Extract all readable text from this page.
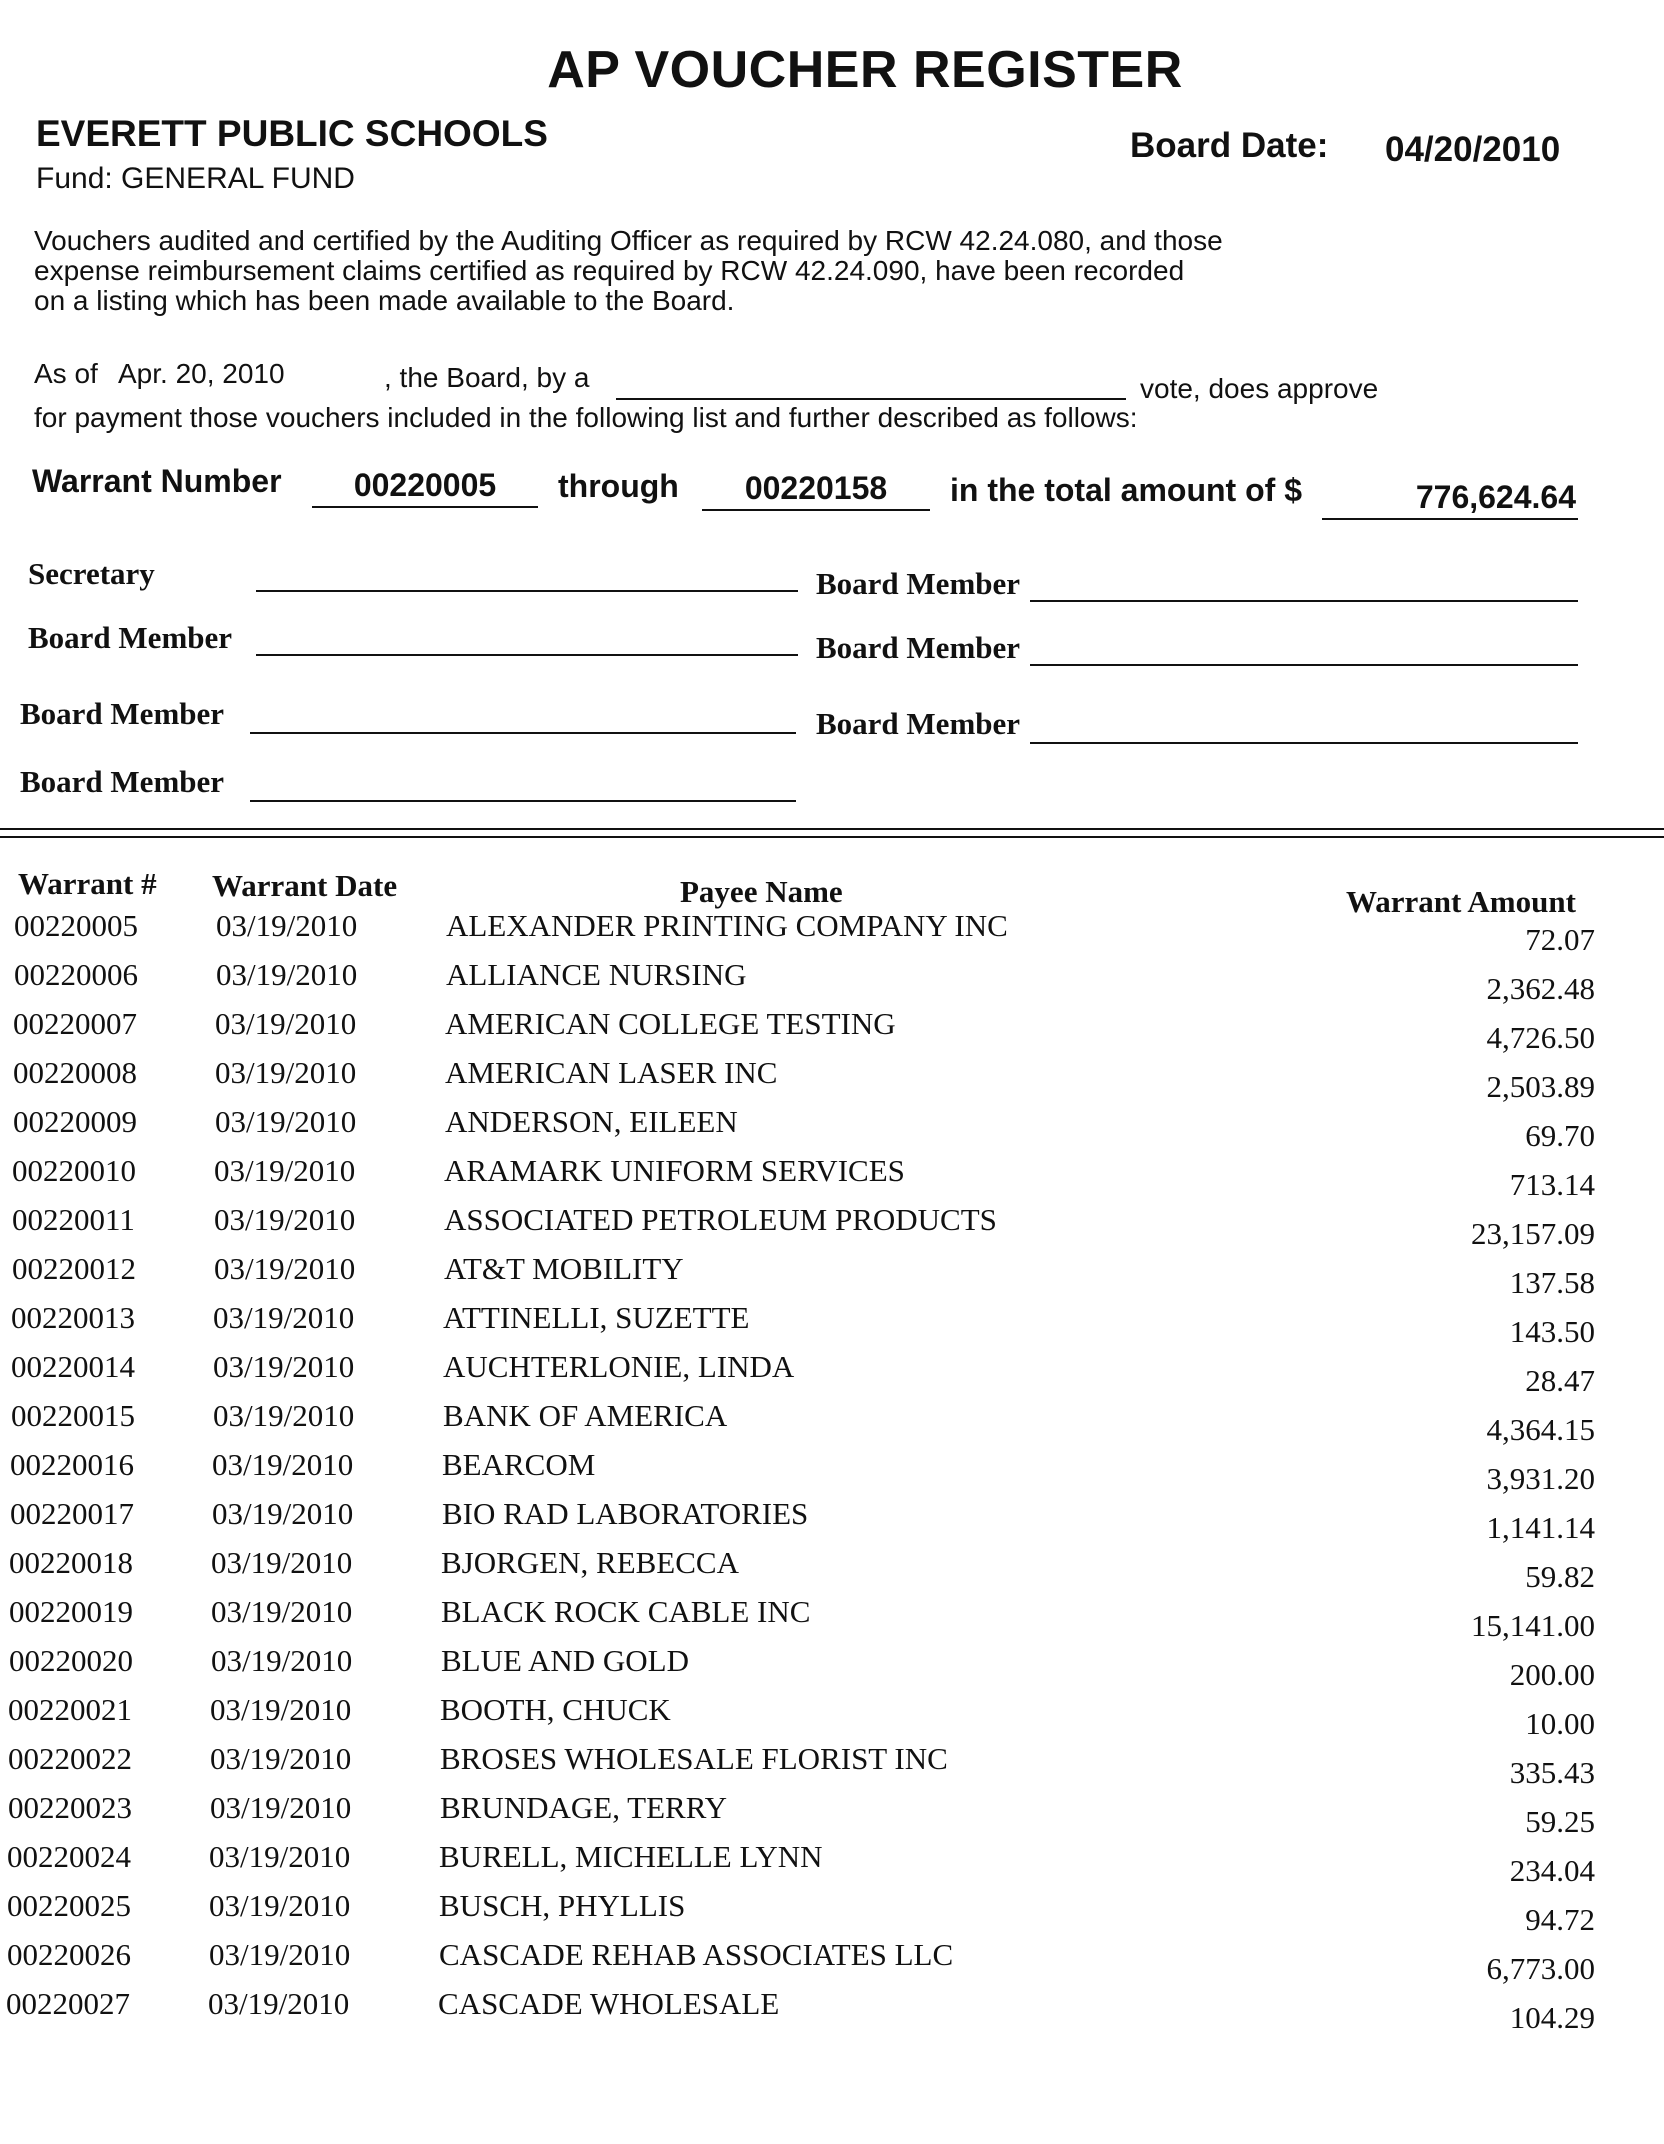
AP VOUCHER REGISTER
EVERETT PUBLIC SCHOOLS
Fund: GENERAL FUND
Board Date: 04/20/2010
Vouchers audited and certified by the Auditing Officer as required by RCW 42.24.080, and those
expense reimbursement claims certified as required by RCW 42.24.090, have been recorded
on a listing which has been made available to the Board.
As of Apr. 20, 2010	, the Board, by a	vote, does approve
for payment those vouchers included in the following list and further described as follows:
Warrant Number	00220005	through	00220158	in the total amount of $	776,624.64
Secretary	Board Member
Board Member	Board Member
Board Member	Board Member
Board Member
Warrant # Warrant Date	Payee Name	Warrant Amount
00220005	03/19/2010	ALEXANDER PRINTING COMPANY INC	72.07
00220006	03/19/2010	ALLIANCE NURSING	2,362.48
00220007	03/19/2010	AMERICAN COLLEGE TESTING	4,726.50
00220008	03/19/2010	AMERICAN LASER INC	2,503.89
00220009	03/19/2010	ANDERSON, EILEEN	69.70
00220010	03/19/2010	ARAMARK UNIFORM SERVICES	713.14
00220011	03/19/2010	ASSOCIATED PETROLEUM PRODUCTS	23,157.09
00220012	03/19/2010	AT&T MOBILITY	137.58
00220013	03/19/2010	ATTINELLI, SUZETTE	143.50
00220014	03/19/2010	AUCHTERLONIE, LINDA	28.47
00220015	03/19/2010	BANK OF AMERICA	4,364.15
00220016	03/19/2010	BEARCOM	3,931.20
00220017	03/19/2010	BIO RAD LABORATORIES	1,141.14
00220018	03/19/2010	BJORGEN, REBECCA	59.82
00220019	03/19/2010	BLACK ROCK CABLE INC	15,141.00
00220020	03/19/2010	BLUE AND GOLD	200.00
00220021	03/19/2010	BOOTH, CHUCK	10.00
00220022	03/19/2010	BROSES WHOLESALE FLORIST INC	335.43
00220023	03/19/2010	BRUNDAGE, TERRY	59.25
00220024	03/19/2010	BURELL, MICHELLE LYNN	234.04
00220025	03/19/2010	BUSCH, PHYLLIS	94.72
00220026	03/19/2010	CASCADE REHAB ASSOCIATES LLC	6,773.00
00220027	03/19/2010	CASCADE WHOLESALE	104.29
